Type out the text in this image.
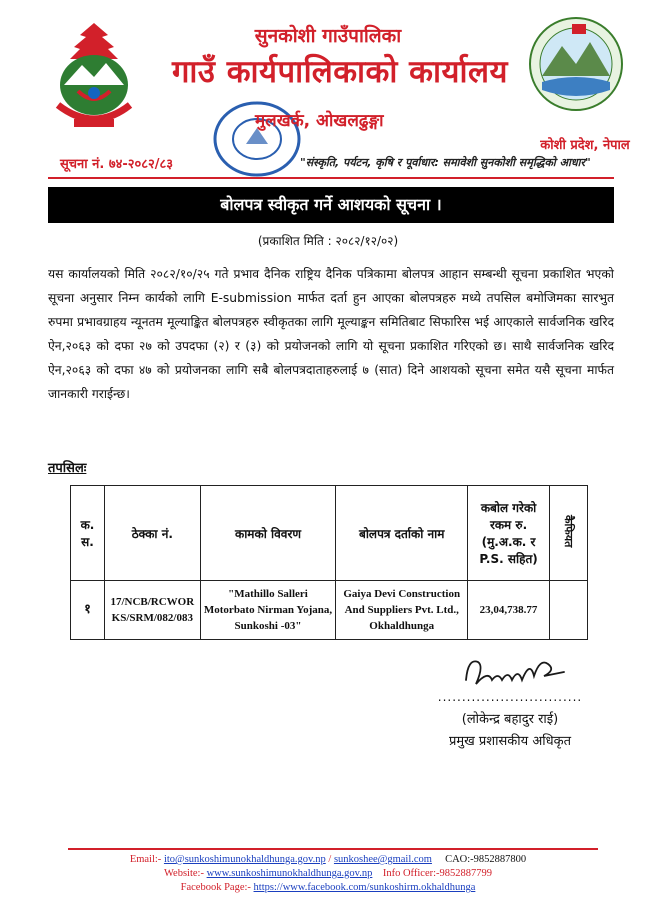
सुनकोशी गाउँपालिका
गाउँ कार्यपालिकाको कार्यालय
मुलखर्क, ओखलढुङ्गा
कोशी प्रदेश, नेपाल
सूचना नं. ७४-२०८२/८३	"संस्कृति, पर्यटन, कृषि र पूर्वाधार: समावेशी सुनकोशी समृद्धिको आधार"
बोलपत्र स्वीकृत गर्ने आशयको सूचना ।
(प्रकाशित मिति : २०८२/१२/०२)
यस कार्यालयको मिति २०८२/१०/२५ गते प्रभाव दैनिक राष्ट्रिय दैनिक पत्रिकामा बोलपत्र आहान सम्बन्धी सूचना प्रकाशित भएको सूचना अनुसार निम्न कार्यको लागि E-submission मार्फत दर्ता हुन आएका बोलपत्रहरु मध्ये तपसिल बमोजिमका सारभुत रुपमा प्रभावग्राहय न्यूनतम मूल्याङ्कित बोलपत्रहरु स्वीकृतका लागि मूल्याङ्कन समितिबाट सिफारिस भई आएकाले सार्वजनिक खरिद ऐन,२०६३ को दफा २७ को उपदफा (२) र (३) को प्रयोजनको लागि यो सूचना प्रकाशित गरिएको छ। साथै सार्वजनिक खरिद ऐन,२०६३ को दफा ४७ को प्रयोजनका लागि सबै बोलपत्रदाताहरुलाई ७ (सात) दिने आशयको सूचना समेत यसै सूचना मार्फत जानकारी गराईन्छ।
तपसिलः
क. स.	ठेक्का नं.	कामको विवरण	बोलपत्र दर्ताको नाम	कबोल गरेको रकम रु. (मु.अ.क. र P.S. सहित)	कैफियत
१	17/NCB/RCWORKS/SRM/082/083	"Mathillo Salleri Motorbato Nirman Yojana, Sunkoshi -03"	Gaiya Devi Construction And Suppliers Pvt. Ltd., Okhaldhunga	23,04,738.77	
..............................
(लोकेन्द्र बहादुर राई)
प्रमुख प्रशासकीय अधिकृत
Email:- ito@sunkoshimunokhaldhunga.gov.np / sunkoshee@gmail.com CAO:-9852887800
Website:- www.sunkoshimunokhaldhunga.gov.np Info Officer:-9852887799
Facebook Page:- https://www.facebook.com/sunkoshirm.okhaldhunga
